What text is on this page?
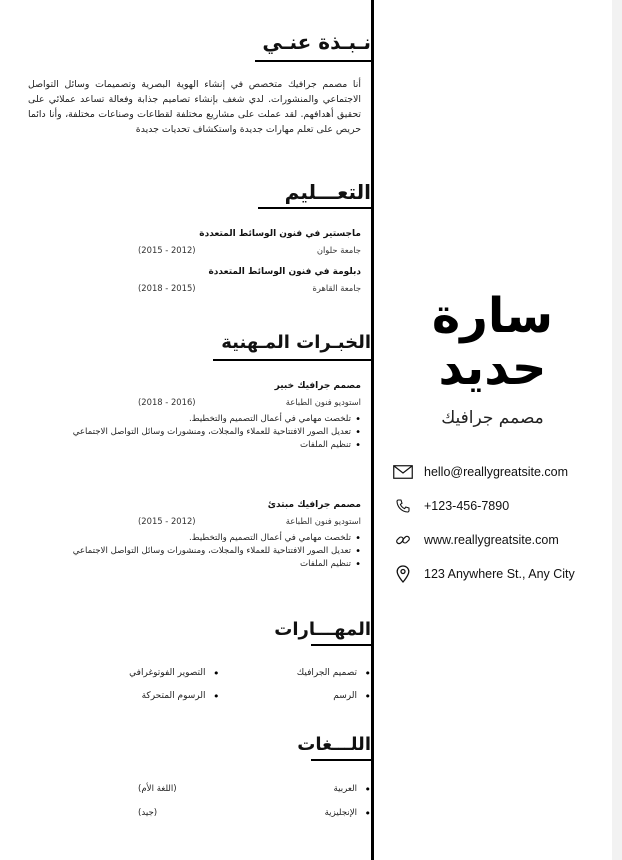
نـبـذة عنـي

أنا مصمم جرافيك متخصص في إنشاء الهوية البصرية وتصميمات وسائل التواصل الاجتماعي والمنشورات. لدي شغف بإنشاء تصاميم جذابة وفعالة تساعد عملائي على تحقيق أهدافهم. لقد عملت على مشاريع مختلفة لقطاعات وصناعات مختلفة، وأنا دائما حريص على تعلم مهارات جديدة واستكشاف تحديات جديدة

التعـــليم
ماجستير في فنون الوسائط المتعددة
جامعة حلوان
(2012 - 2015)
دبلومة في فنون الوسائط المتعددة
جامعة القاهرة
(2015 - 2018)
الخبـرات المـهنية
مصمم جرافيك خبير
استوديو فنون الطباعة
(2016 - 2018)
• تلخصت مهامي في أعمال التصميم والتخطيط.
• تعديل الصور الافتتاحية للعملاء والمجلات، ومنشورات وسائل التواصل الاجتماعي
• تنظيم الملفات
مصمم جرافيك مبتدئ
استوديو فنون الطباعة
(2012 - 2015)
• تلخصت مهامي في أعمال التصميم والتخطيط.
• تعديل الصور الافتتاحية للعملاء والمجلات، ومنشورات وسائل التواصل الاجتماعي
• تنظيم الملفات
المهـــارات
• تصميم الجرافيك
• التصوير الفوتوغرافي
• الرسم
• الرسوم المتحركة
اللـــغات
• العربية
(اللغة الأم)
• الإنجليزية
(جيد)
سارة
حديد
مصمم جرافيك
hello@reallygreatsite.com
+123-456-7890
www.reallygreatsite.com
123 Anywhere St., Any City
